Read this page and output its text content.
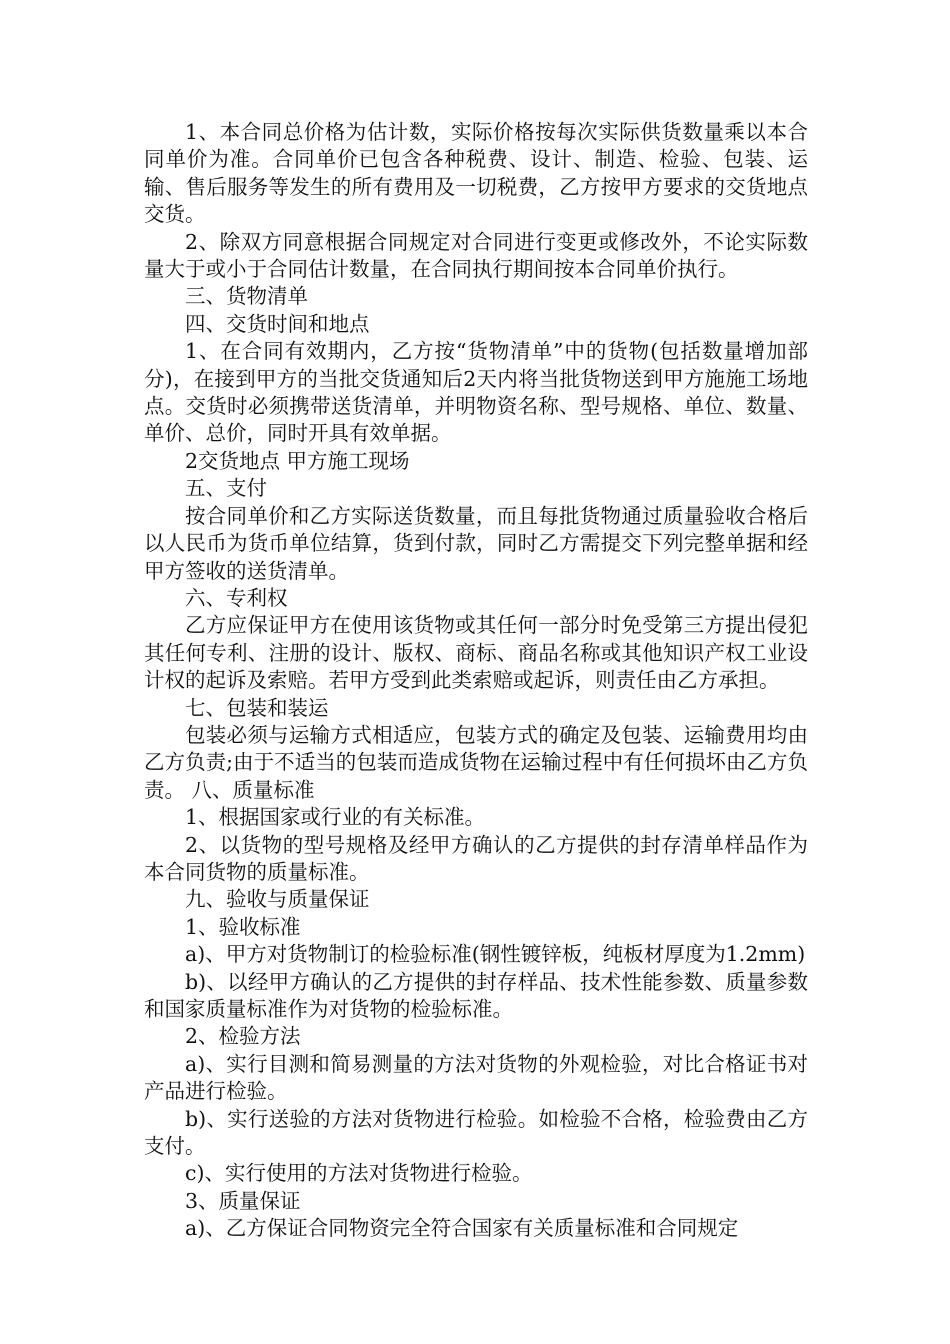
1、本合同总价格为估计数，实际价格按每次实际供货数量乘以本合同单价为准。合同单价已包含各种税费、设计、制造、检验、包装、运输、售后服务等发生的所有费用及一切税费，乙方按甲方要求的交货地点交货。

2、除双方同意根据合同规定对合同进行变更或修改外，不论实际数量大于或小于合同估计数量，在合同执行期间按本合同单价执行。

三、货物清单

四、交货时间和地点

1、在合同有效期内，乙方按“货物清单”中的货物(包括数量增加部分)，在接到甲方的当批交货通知后2天内将当批货物送到甲方施施工场地点。交货时必须携带送货清单，并明物资名称、型号规格、单位、数量、单价、总价，同时开具有效单据。

2交货地点 甲方施工现场

五、支付

按合同单价和乙方实际送货数量，而且每批货物通过质量验收合格后以人民币为货币单位结算，货到付款，同时乙方需提交下列完整单据和经甲方签收的送货清单。

六、专利权

乙方应保证甲方在使用该货物或其任何一部分时免受第三方提出侵犯其任何专利、注册的设计、版权、商标、商品名称或其他知识产权工业设计权的起诉及索赔。若甲方受到此类索赔或起诉，则责任由乙方承担。

七、包装和装运

包装必须与运输方式相适应，包装方式的确定及包装、运输费用均由乙方负责;由于不适当的包装而造成货物在运输过程中有任何损坏由乙方负责。 八、质量标准

1、根据国家或行业的有关标准。

2、以货物的型号规格及经甲方确认的乙方提供的封存清单样品作为本合同货物的质量标准。

九、验收与质量保证

1、验收标准

a)、甲方对货物制订的检验标准(钢性镀锌板，纯板材厚度为1.2mm)

b)、以经甲方确认的乙方提供的封存样品、技术性能参数、质量参数和国家质量标准作为对货物的检验标准。

2、检验方法

a)、实行目测和简易测量的方法对货物的外观检验，对比合格证书对产品进行检验。

b)、实行送验的方法对货物进行检验。如检验不合格，检验费由乙方支付。

c)、实行使用的方法对货物进行检验。

3、质量保证

a)、乙方保证合同物资完全符合国家有关质量标准和合同规定
